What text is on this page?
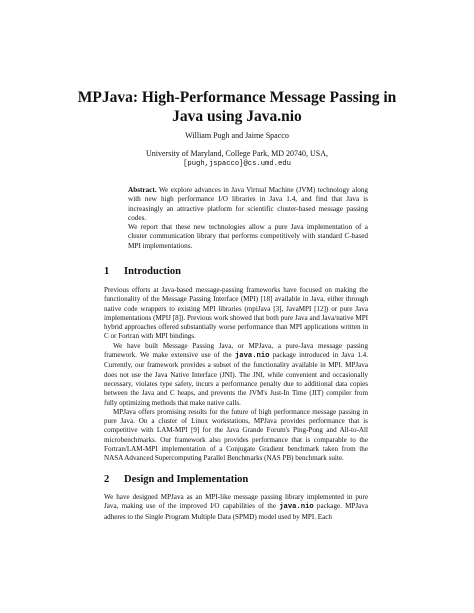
MPJava: High-Performance Message Passing in
Java using Java.nio
William Pugh and Jaime Spacco
University of Maryland, College Park, MD 20740, USA,
[pugh,jspacco]@cs.umd.edu

Abstract. We explore advances in Java Virtual Machine (JVM) technology along with new high performance I/O libraries in Java 1.4, and find that Java is increasingly an attractive platform for scientific cluster-based message passing codes.

We report that these new technologies allow a pure Java implementation of a cluster communication library that performs competitively with standard C-based MPI implementations.

1 Introduction

Previous efforts at Java-based message-passing frameworks have focused on making the functionality of the Message Passing Interface (MPI) [18] available in Java, either through native code wrappers to existing MPI libraries (mpiJava [3], JavaMPI [12]) or pure Java implementations (MPIJ [8]). Previous work showed that both pure Java and Java/native MPI hybrid approaches offered substantially worse performance than MPI applications written in C or Fortran with MPI bindings.

We have built Message Passing Java, or MPJava, a pure-Java message passing framework. We make extensive use of the java.nio package introduced in Java 1.4. Currently, our framework provides a subset of the functionality available in MPI. MPJava does not use the Java Native Interface (JNI). The JNI, while convenient and occasionally necessary, violates type safety, incurs a performance penalty due to additional data copies between the Java and C heaps, and prevents the JVM's Just-In Time (JIT) compiler from fully optimizing methods that make native calls.

MPJava offers promising results for the future of high performance message passing in pure Java. On a cluster of Linux workstations, MPJava provides performance that is competitive with LAM-MPI [9] for the Java Grande Forum's Ping-Pong and All-to-All microbenchmarks. Our framework also provides performance that is comparable to the Fortran/LAM-MPI implementation of a Conjugate Gradient benchmark taken from the NASA Advanced Supercomputing Parallel Benchmarks (NAS PB) benchmark suite.

2 Design and Implementation

We have designed MPJava as an MPI-like message passing library implemented in pure Java, making use of the improved I/O capabilities of the java.nio package. MPJava adheres to the Single Program Multiple Data (SPMD) model used by MPI. Each
